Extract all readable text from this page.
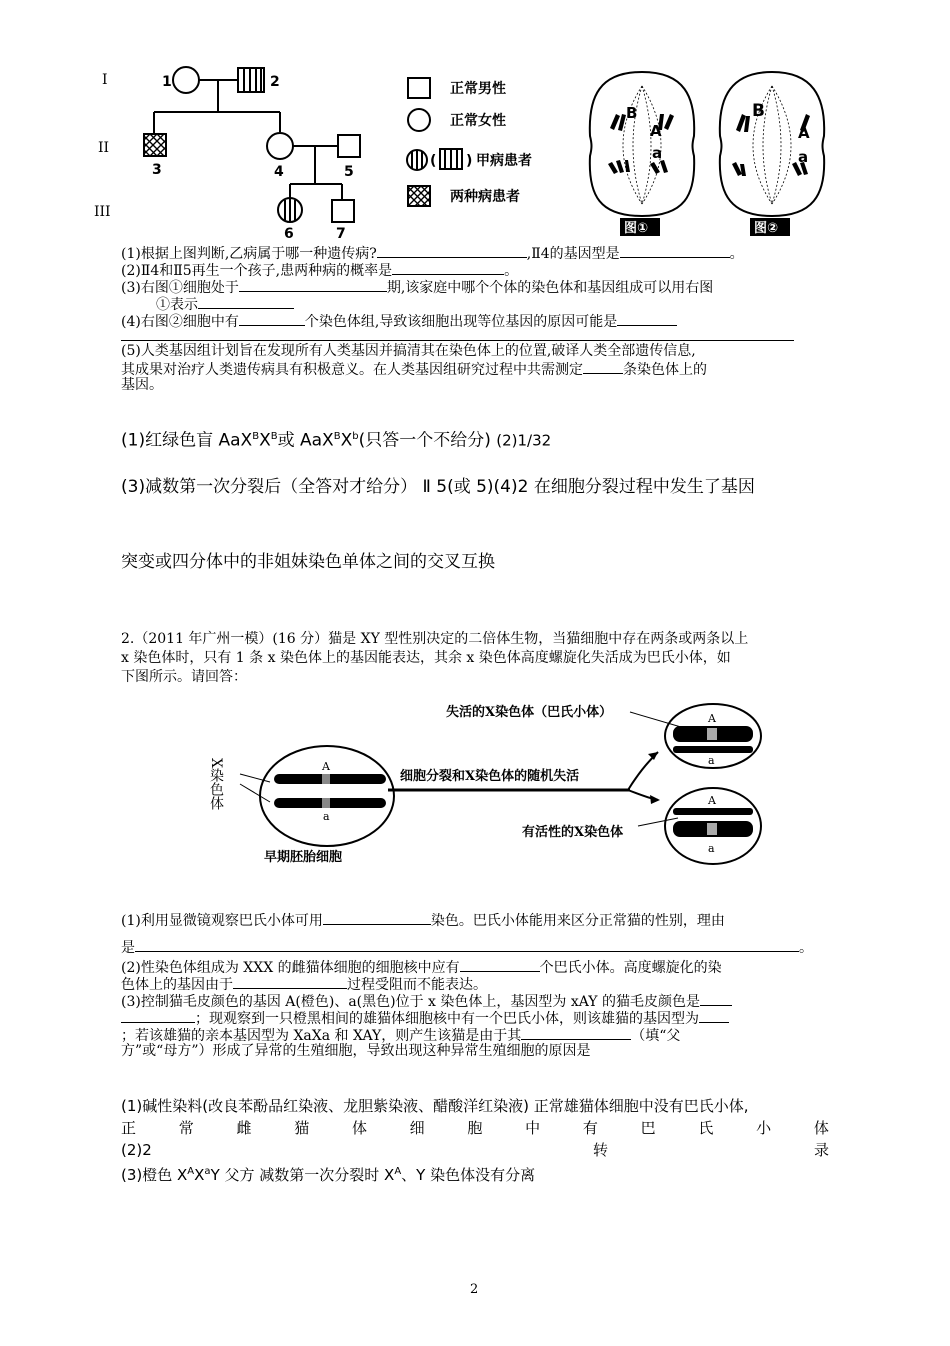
I
II
III
1	2
3	4	5
6	7
正常男性
正常女性
( ) 甲病患者
两种病患者
B
A
a
图①
B
A
a
图②
(1)根据上图判断,乙病属于哪一种遗传病?	,Ⅱ4的基因型是	。
(2)Ⅱ4和Ⅱ5再生一个孩子,患两种病的概率是	。
(3)右图①细胞处于	期,该家庭中哪个个体的染色体和基因组成可以用右图
①表示
(4)右图②细胞中有	个染色体组,导致该细胞出现等位基因的原因可能是
(5)人类基因组计划旨在发现所有人类基因并搞清其在染色体上的位置,破译人类全部遗传信息,
其成果对治疗人类遗传病具有积极意义。在人类基因组研究过程中共需测定	条染色体上的
基因。
(1)红绿色盲 $AaX^BX^B$或 $AaX^BX^b$(只答一个不给分) (2)1/32
(3)减数第一次分裂后（全答对才给分） Ⅱ 5(或 5)(4)2 在细胞分裂过程中发生了基因
突变或四分体中的非姐妹染色单体之间的交叉互换
2.（2011 年广州一模）(16 分）猫是 XY 型性别决定的二倍体生物，当猫细胞中存在两条或两条以上
x 染色体时，只有 1 条 x 染色体上的基因能表达，其余 x 染色体高度螺旋化失活成为巴氏小体，如
下图所示。请回答：
X染色体	A
a
早期胚胎细胞
细胞分裂和X染色体的随机失活
A
a
失活的X染色体（巴氏小体）
A
a
有活性的X染色体
(1)利用显微镜观察巴氏小体可用	染色。巴氏小体能用来区分正常猫的性别，理由
是	。
(2)性染色体组成为 XXX 的雌猫体细胞的细胞核中应有	个巴氏小体。高度螺旋化的染
色体上的基因由于	过程受阻而不能表达。
(3)控制猫毛皮颜色的基因 A(橙色)、a(黑色)位于 x 染色体上，基因型为 xAY 的猫毛皮颜色是
；现观察到一只橙黑相间的雄猫体细胞核中有一个巴氏小体，则该雄猫的基因型为
；若该雄猫的亲本基因型为 XaXa 和 XAY，则产生该猫是由于其	（填“父
方”或“母方”）形成了异常的生殖细胞，导致出现这种异常生殖细胞的原因是
(1)碱性染料(改良苯酚品红染液、龙胆紫染液、醋酸洋红染液) 正常雄猫体细胞中没有巴氏小体,
正	常	雌	猫	体	细	胞	中	有	巴	氏	小	体
(2)2	转	录
(3)橙色 $X^AX^aY$ 父方 减数第一次分裂时 $X^A$、Y 染色体没有分离
2
